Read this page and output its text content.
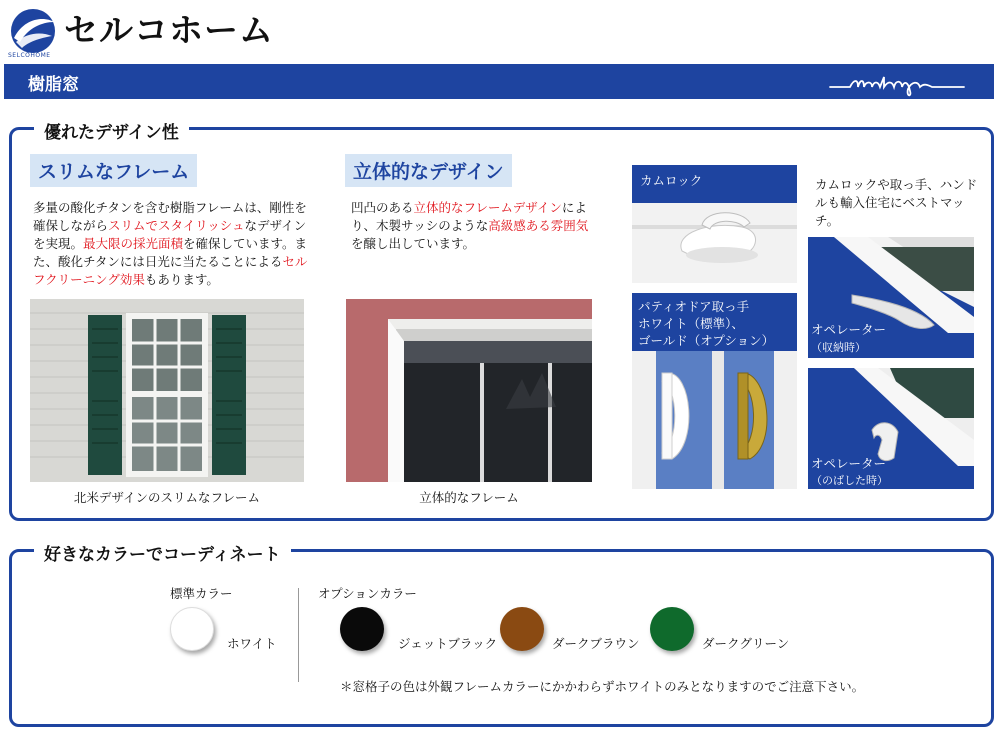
SELCOHOME
セルコホーム
樹脂窓
優れたデザイン性
スリムなフレーム
多量の酸化チタンを含む樹脂フレームは、剛性を確保しながらスリムでスタイリッシュなデザインを実現。最大限の採光面積を確保しています。また、酸化チタンには日光に当たることによるセルフクリーニング効果もあります。
北米デザインのスリムなフレーム
立体的なデザイン
凹凸のある立体的なフレームデザインにより、木製サッシのような高級感ある雰囲気を醸し出しています。
立体的なフレーム
カムロック	カムロックや取っ手、ハンドルも輸入住宅にベストマッチ。
パティオドア取っ手
ホワイト（標準）、
ゴールド（オプション）
オペレーター
（収納時）
オペレーター
（のばした時）
好きなカラーでコーディネート
標準カラー	オプションカラー
ホワイト	ジェットブラック	ダークブラウン	ダークグリーン
＊窓格子の色は外観フレームカラーにかかわらずホワイトのみとなりますのでご注意下さい。
